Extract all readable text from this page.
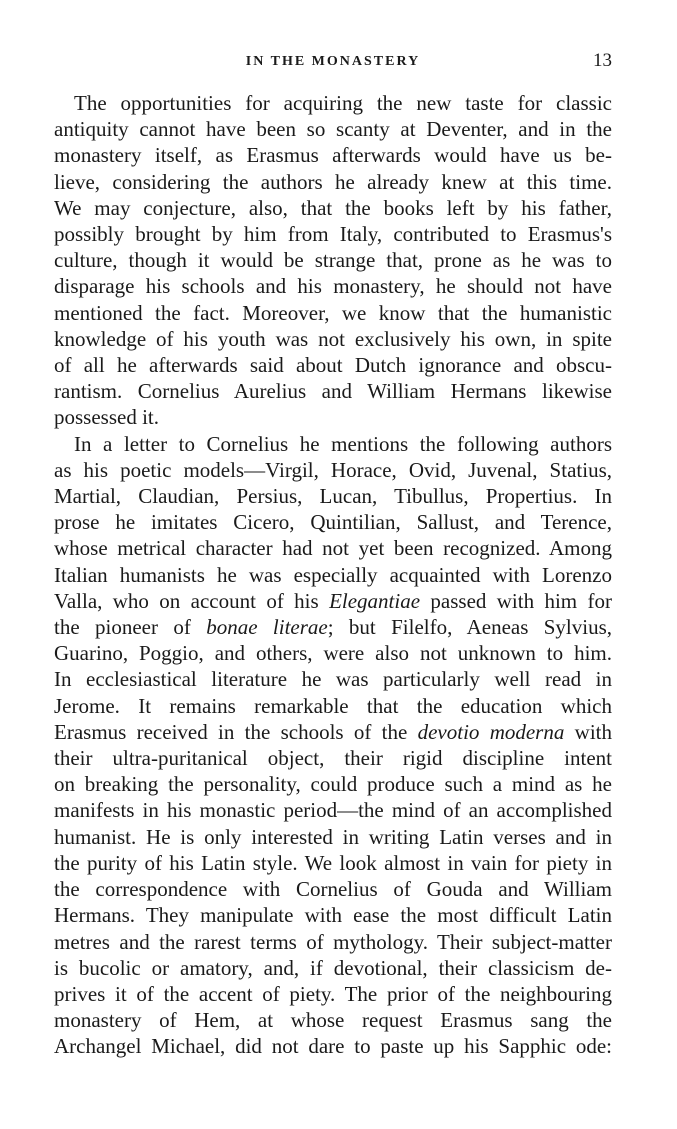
IN THE MONASTERY	13
The opportunities for acquiring the new taste for classic
antiquity cannot have been so scanty at Deventer, and in the
monastery itself, as Erasmus afterwards would have us be-
lieve, considering the authors he already knew at this time.
We may conjecture, also, that the books left by his father,
possibly brought by him from Italy, contributed to Erasmus's
culture, though it would be strange that, prone as he was to
disparage his schools and his monastery, he should not have
mentioned the fact. Moreover, we know that the humanistic
knowledge of his youth was not exclusively his own, in spite
of all he afterwards said about Dutch ignorance and obscu-
rantism. Cornelius Aurelius and William Hermans likewise
possessed it.
In a letter to Cornelius he mentions the following authors
as his poetic models—Virgil, Horace, Ovid, Juvenal, Statius,
Martial, Claudian, Persius, Lucan, Tibullus, Propertius. In
prose he imitates Cicero, Quintilian, Sallust, and Terence,
whose metrical character had not yet been recognized. Among
Italian humanists he was especially acquainted with Lorenzo
Valla, who on account of his Elegantiae passed with him for
the pioneer of bonae literae; but Filelfo, Aeneas Sylvius,
Guarino, Poggio, and others, were also not unknown to him.
In ecclesiastical literature he was particularly well read in
Jerome. It remains remarkable that the education which
Erasmus received in the schools of the devotio moderna with
their ultra-puritanical object, their rigid discipline intent
on breaking the personality, could produce such a mind as he
manifests in his monastic period—the mind of an accomplished
humanist. He is only interested in writing Latin verses and in
the purity of his Latin style. We look almost in vain for piety in
the correspondence with Cornelius of Gouda and William
Hermans. They manipulate with ease the most difficult Latin
metres and the rarest terms of mythology. Their subject-matter
is bucolic or amatory, and, if devotional, their classicism de-
prives it of the accent of piety. The prior of the neighbouring
monastery of Hem, at whose request Erasmus sang the
Archangel Michael, did not dare to paste up his Sapphic ode:
